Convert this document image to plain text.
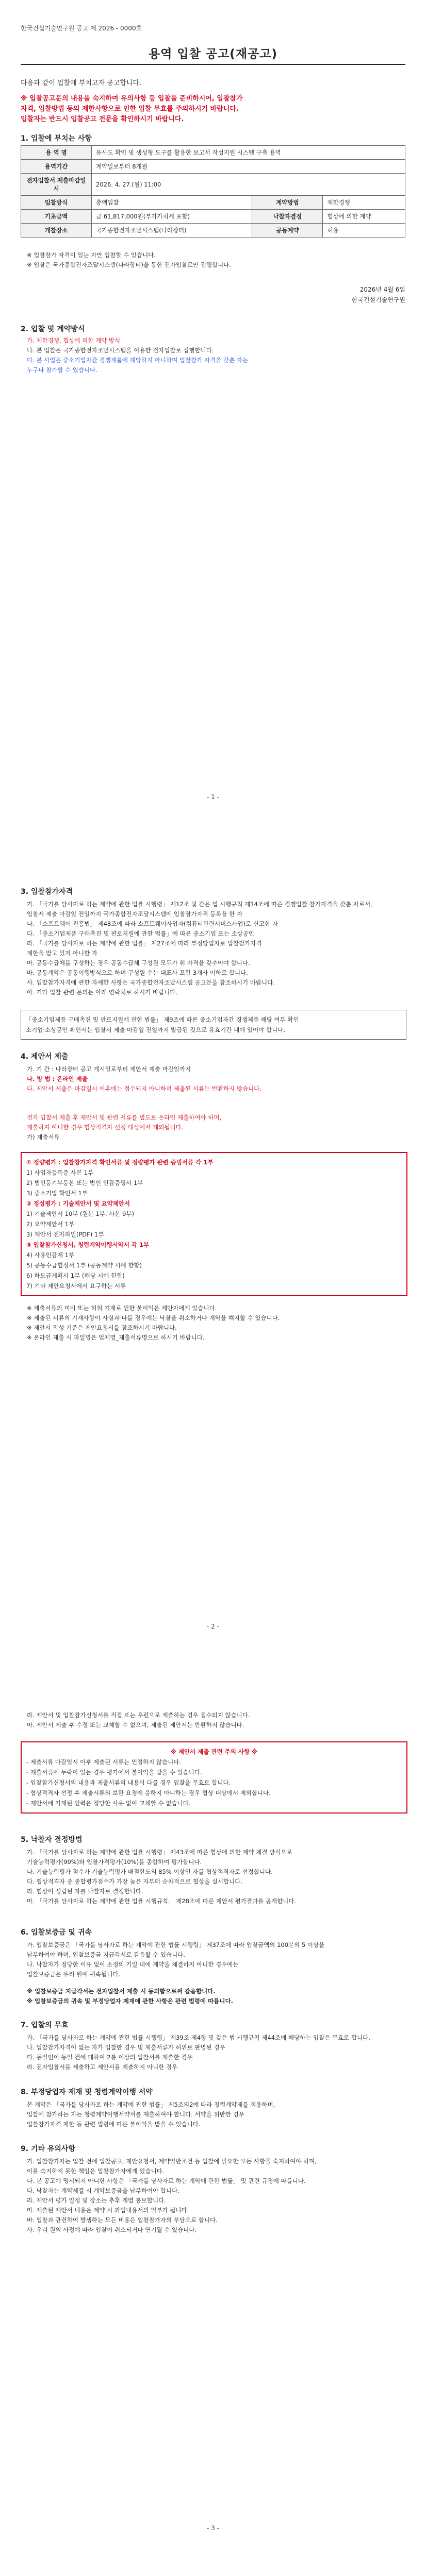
한국건설기술연구원 공고 제 2026 - 0000호
용역 입찰 공고(재공고)
다음과 같이 입찰에 부치고자 공고합니다.
※ 입찰공고문의 내용을 숙지하여 유의사항 등 입찰을 준비하시어, 입찰참가
자격, 입찰방법 등의 제한사항으로 인한 입찰 무효를 주의하시기 바랍니다.
입찰자는 반드시 입찰공고 전문을 확인하시기 바랍니다.
1. 입찰에 부치는 사항
용 역 명	유사도 확인 및 생성형 도구를 활용한 보고서 작성지원 시스템 구축 용역		
용역기간	계약일로부터 8개월		
전자입찰서 제출마감일시	2026. 4. 27.(월) 11:00		
입찰방식	총액입찰	계약방법	제한경쟁
기초금액	금 61,817,000원(부가가치세 포함)	낙찰자결정	협상에 의한 계약
개찰장소	국가종합전자조달시스템(나라장터)	공동계약	허용
※ 입찰참가 자격이 있는 자만 입찰할 수 있습니다.
※ 입찰은 국가종합전자조달시스템(나라장터)을 통한 전자입찰로만 집행합니다.
2026년 4월 6일
한국건설기술연구원
2. 입찰 및 계약방식
가. 제한경쟁, 협상에 의한 계약 방식
나. 본 입찰은 국가종합전자조달시스템을 이용한 전자입찰로 집행합니다.
다. 본 사업은 중소기업자간 경쟁제품에 해당하지 아니하며 입찰참가 자격을 갖춘 자는
누구나 참가할 수 있습니다.
- 1 -
3. 입찰참가자격
가. 「국가를 당사자로 하는 계약에 관한 법률 시행령」 제12조 및 같은 법 시행규칙 제14조에 따른 경쟁입찰 참가자격을 갖춘 자로서,
입찰서 제출 마감일 전일까지 국가종합전자조달시스템에 입찰참가자격 등록을 한 자
나. 「소프트웨어 진흥법」 제48조에 따라 소프트웨어사업자(컴퓨터관련서비스사업)로 신고한 자
다. 「중소기업제품 구매촉진 및 판로지원에 관한 법률」에 따른 중소기업 또는 소상공인
라. 「국가를 당사자로 하는 계약에 관한 법률」 제27조에 따라 부정당업자로 입찰참가자격
제한을 받고 있지 아니한 자
마. 공동수급체를 구성하는 경우 공동수급체 구성원 모두가 위 자격을 갖추어야 합니다.
바. 공동계약은 공동이행방식으로 하며 구성원 수는 대표사 포함 3개사 이하로 합니다.
사. 입찰참가자격에 관한 자세한 사항은 국가종합전자조달시스템 공고문을 참조하시기 바랍니다.
아. 기타 입찰 관련 문의는 아래 연락처로 하시기 바랍니다.
「중소기업제품 구매촉진 및 판로지원에 관한 법률」 제9조에 따른 중소기업자간 경쟁제품 해당 여부 확인
소기업·소상공인 확인서는 입찰서 제출 마감일 전일까지 발급된 것으로 유효기간 내에 있어야 합니다.
4. 제안서 제출
가. 기 간 : 나라장터 공고 게시일로부터 제안서 제출 마감일까지
나. 방 법 : 온라인 제출
다. 제안서 제출은 마감일시 이후에는 접수되지 아니하며 제출된 서류는 반환하지 않습니다.
전자 입찰서 제출 후 제안서 및 관련 서류를 별도로 온라인 제출하여야 하며,
제출하지 아니한 경우 협상적격자 선정 대상에서 제외됩니다.
가) 제출서류
① 정량평가 : 입찰참가자격 확인서류 및 정량평가 관련 증빙서류 각 1부
1) 사업자등록증 사본 1부
2) 법인등기부등본 또는 법인 인감증명서 1부
3) 중소기업 확인서 1부
② 정성평가 : 기술제안서 및 요약제안서
1) 기술제안서 10부 (원본 1부, 사본 9부)
2) 요약제안서 1부
3) 제안서 전자파일(PDF) 1부
③ 입찰참가신청서, 청렴계약이행서약서 각 1부
4) 사용인감계 1부
5) 공동수급협정서 1부 (공동계약 시에 한함)
6) 하도급계획서 1부 (해당 시에 한함)
7) 기타 제안요청서에서 요구하는 서류
※ 제출서류의 미비 또는 허위 기재로 인한 불이익은 제안자에게 있습니다.
※ 제출된 서류의 기재사항이 사실과 다를 경우에는 낙찰을 취소하거나 계약을 해지할 수 있습니다.
※ 제안서 작성 기준은 제안요청서를 참조하시기 바랍니다.
※ 온라인 제출 시 파일명은 업체명_제출서류명으로 하시기 바랍니다.
- 2 -
라. 제안서 및 입찰참가신청서를 직접 또는 우편으로 제출하는 경우 접수되지 않습니다.
마. 제안서 제출 후 수정 또는 교체할 수 없으며, 제출된 제안서는 반환하지 않습니다.
※ 제안서 제출 관련 주의 사항 ※
- 제출서류 마감일시 이후 제출된 서류는 인정하지 않습니다.
- 제출서류에 누락이 있는 경우 평가에서 불이익을 받을 수 있습니다.
- 입찰참가신청서의 내용과 제출서류의 내용이 다를 경우 입찰을 무효로 합니다.
- 협상적격자 선정 후 제출서류의 보완 요청에 응하지 아니하는 경우 협상 대상에서 제외합니다.
- 제안서에 기재된 인력은 정당한 사유 없이 교체할 수 없습니다.
5. 낙찰자 결정방법
가. 「국가를 당사자로 하는 계약에 관한 법률 시행령」 제43조에 따른 협상에 의한 계약 체결 방식으로
기술능력평가(90%)와 입찰가격평가(10%)를 종합하여 평가합니다.
나. 기술능력평가 점수가 기술능력평가 배점한도의 85% 이상인 자를 협상적격자로 선정합니다.
다. 협상적격자 중 종합평가점수가 가장 높은 자부터 순차적으로 협상을 실시합니다.
라. 협상이 성립된 자를 낙찰자로 결정합니다.
마. 「국가를 당사자로 하는 계약에 관한 법률 시행규칙」 제28조에 따른 제안서 평가결과를 공개합니다.
6. 입찰보증금 및 귀속
가. 입찰보증금은 「국가를 당사자로 하는 계약에 관한 법률 시행령」 제37조에 따라 입찰금액의 100분의 5 이상을
납부하여야 하며, 입찰보증금 지급각서로 갈음할 수 있습니다.
나. 낙찰자가 정당한 이유 없이 소정의 기일 내에 계약을 체결하지 아니한 경우에는
입찰보증금은 우리 원에 귀속됩니다.
※ 입찰보증금 지급각서는 전자입찰서 제출 시 동의함으로써 갈음합니다.
※ 입찰보증금의 귀속 및 부정당업자 제재에 관한 사항은 관련 법령에 따릅니다.
7. 입찰의 무효
가. 「국가를 당사자로 하는 계약에 관한 법률 시행령」 제39조 제4항 및 같은 법 시행규칙 제44조에 해당하는 입찰은 무효로 합니다.
나. 입찰참가자격이 없는 자가 입찰한 경우 및 제출서류가 허위로 판명된 경우
다. 동일인이 동일 건에 대하여 2통 이상의 입찰서를 제출한 경우
라. 전자입찰서를 제출하고 제안서를 제출하지 아니한 경우
8. 부정당업자 제재 및 청렴계약이행 서약
본 계약은 「국가를 당사자로 하는 계약에 관한 법률」 제5조의2에 따라 청렴계약제를 적용하며,
입찰에 참가하는 자는 청렴계약이행서약서를 제출하여야 합니다. 서약을 위반한 경우
입찰참가자격 제한 등 관련 법령에 따른 불이익을 받을 수 있습니다.
9. 기타 유의사항
가. 입찰참가자는 입찰 전에 입찰공고, 제안요청서, 계약일반조건 등 입찰에 필요한 모든 사항을 숙지하여야 하며,
이를 숙지하지 못한 책임은 입찰참가자에게 있습니다.
나. 본 공고에 명시되지 아니한 사항은 「국가를 당사자로 하는 계약에 관한 법률」 및 관련 규정에 따릅니다.
다. 낙찰자는 계약체결 시 계약보증금을 납부하여야 합니다.
라. 제안서 평가 일정 및 장소는 추후 개별 통보합니다.
마. 제출된 제안서 내용은 계약 시 과업내용서의 일부가 됩니다.
바. 입찰과 관련하여 발생하는 모든 비용은 입찰참가자의 부담으로 합니다.
사. 우리 원의 사정에 따라 입찰이 취소되거나 연기될 수 있습니다.
- 3 -
